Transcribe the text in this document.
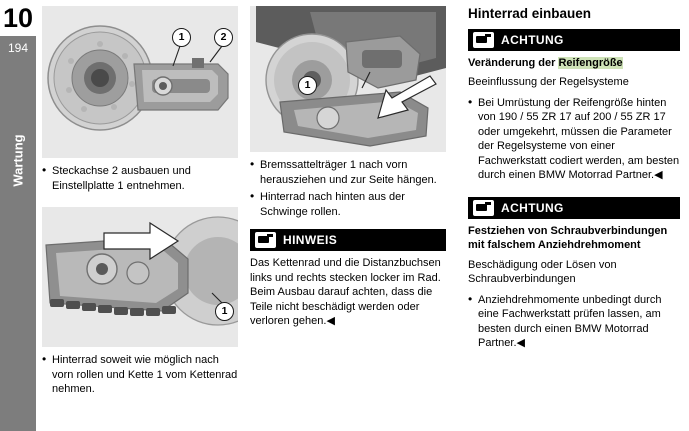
10
194
Wartung
1	2
• Steckachse 2 ausbauen und Einstellplatte 1 entnehmen.
1
• Hinterrad soweit wie möglich nach vorn rollen und Kette 1 vom Kettenrad nehmen.
1
• Bremssattelträger 1 nach vorn herausziehen und zur Seite hängen.
• Hinterrad nach hinten aus der Schwinge rollen.
HINWEIS

Das Kettenrad und die Distanzbuchsen links und rechts stecken locker im Rad. Beim Ausbau darauf achten, dass die Teile nicht beschädigt werden oder verloren gehen.◀

Hinterrad einbauen
ACHTUNG
Veränderung der Reifengröße

Beeinflussung der Regelsysteme

• Bei Umrüstung der Reifengröße hinten von 190 / 55 ZR 17 auf 200 / 55 ZR 17 oder umgekehrt, müssen die Parameter der Regelsysteme von einer Fachwerkstatt codiert werden, am besten durch einen BMW Motorrad Partner.◀
ACHTUNG
Festziehen von Schraubverbindungen mit falschem Anziehdrehmoment

Beschädigung oder Lösen von Schraubverbindungen

• Anziehdrehmomente unbedingt durch eine Fachwerkstatt prüfen lassen, am besten durch einen BMW Motorrad Partner.◀
